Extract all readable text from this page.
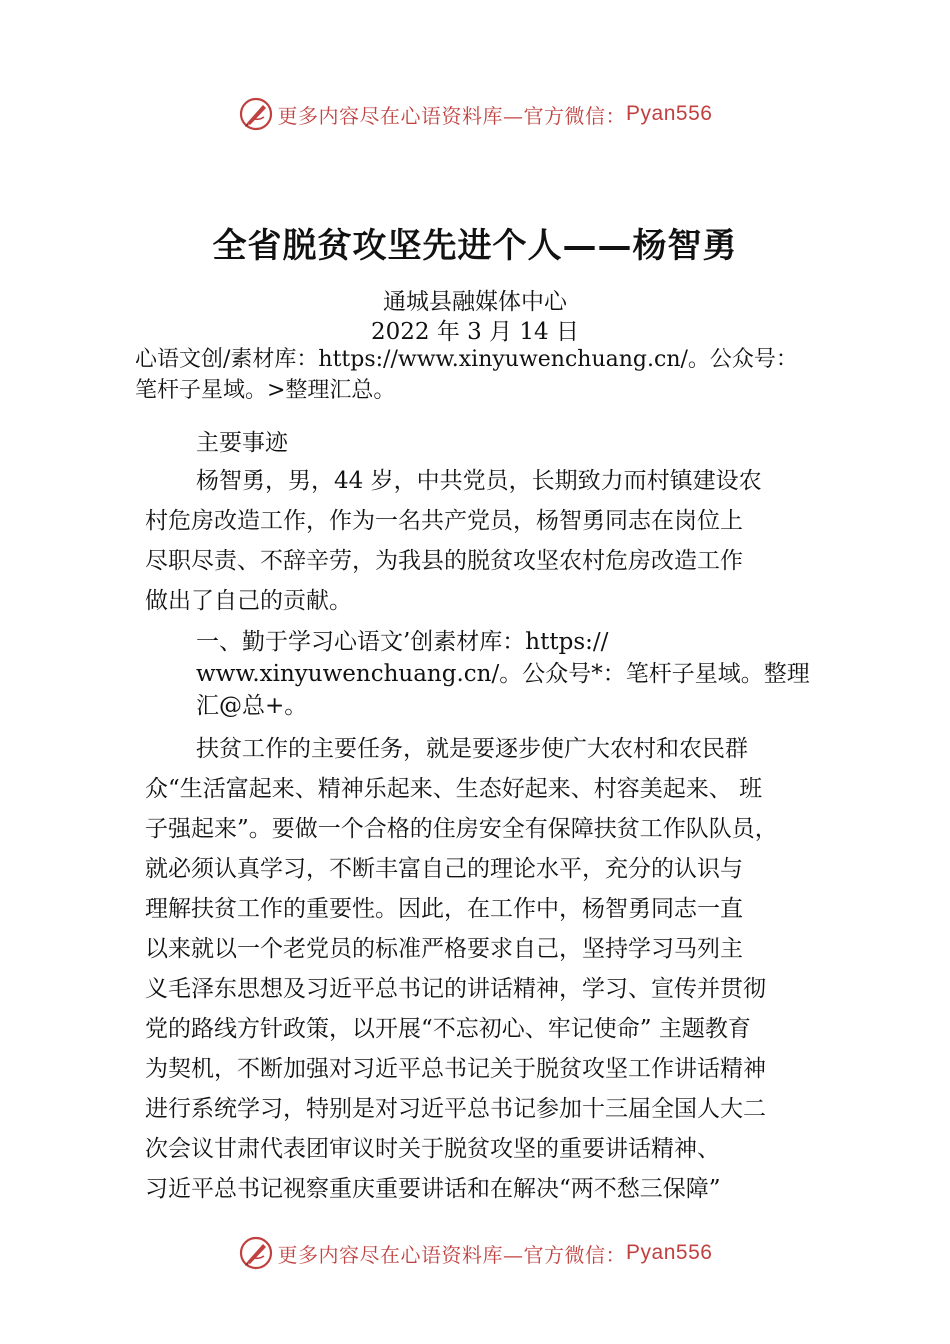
更多内容尽在心语资料库—官方微信： Pyan556
全省脱贫攻坚先进个人——杨智勇
通城县融媒体中心
2022 年 3 月 14 日
心语文创/素材库：https://www.xinyuwenchuang.cn/。公众号：
笔杆子星域。>整理汇总。
主要事迹

杨智勇，男，44 岁，中共党员，长期致力而村镇建设农
村危房改造工作，作为一名共产党员，杨智勇同志在岗位上
尽职尽责、不辞辛劳，为我县的脱贫攻坚农村危房改造工作
做出了自己的贡献。

一、勤于学习心语文’创素材库：https://
www.xinyuwenchuang.cn/。公众号*：笔杆子星域。整理
汇@总+。

扶贫工作的主要任务，就是要逐步使广大农村和农民群
众“生活富起来、精神乐起来、生态好起来、村容美起来、 班
子强起来”。要做一个合格的住房安全有保障扶贫工作队队员，
就必须认真学习，不断丰富自己的理论水平，充分的认识与
理解扶贫工作的重要性。因此，在工作中，杨智勇同志一直
以来就以一个老党员的标准严格要求自己，坚持学习马列主
义毛泽东思想及习近平总书记的讲话精神，学习、宣传并贯彻
党的路线方针政策，以开展“不忘初心、牢记使命” 主题教育
为契机，不断加强对习近平总书记关于脱贫攻坚工作讲话精神
进行系统学习，特别是对习近平总书记参加十三届全国人大二
次会议甘肃代表团审议时关于脱贫攻坚的重要讲话精神、
习近平总书记视察重庆重要讲话和在解决“两不愁三保障”

更多内容尽在心语资料库—官方微信： Pyan556
